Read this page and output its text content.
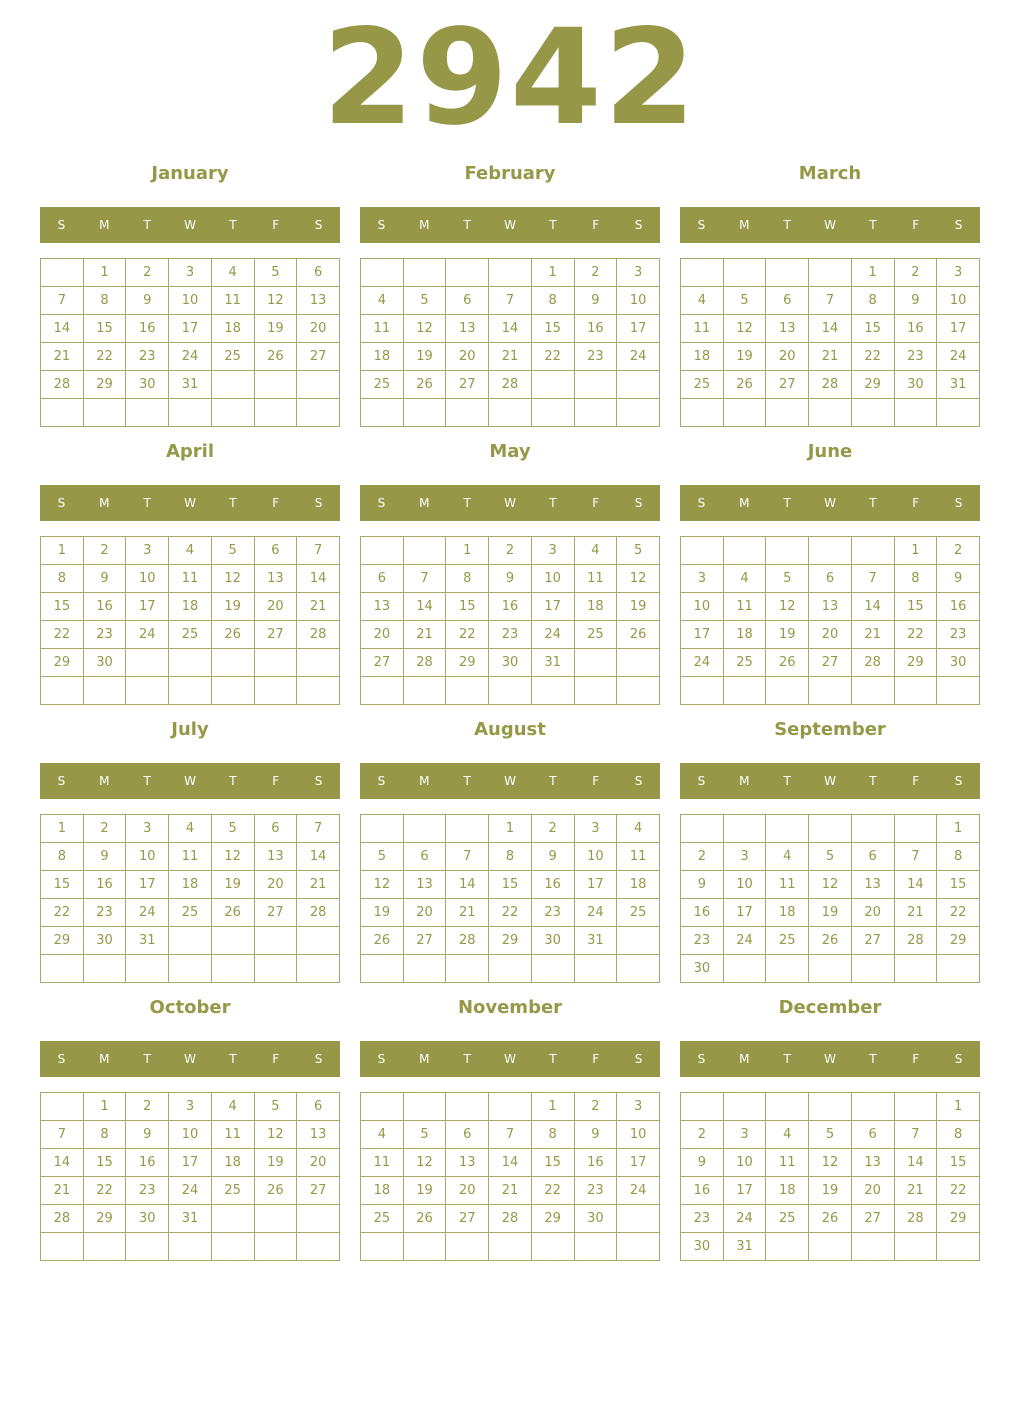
2942
January
S	M	T	W	T	F	S
	1	2	3	4	5	6
7	8	9	10	11	12	13
14	15	16	17	18	19	20
21	22	23	24	25	26	27
28	29	30	31			

February
S	M	T	W	T	F	S
				1	2	3
4	5	6	7	8	9	10
11	12	13	14	15	16	17
18	19	20	21	22	23	24
25	26	27	28			

March
S	M	T	W	T	F	S
				1	2	3
4	5	6	7	8	9	10
11	12	13	14	15	16	17
18	19	20	21	22	23	24
25	26	27	28	29	30	31

April
S	M	T	W	T	F	S
1	2	3	4	5	6	7
8	9	10	11	12	13	14
15	16	17	18	19	20	21
22	23	24	25	26	27	28
29	30					

May
S	M	T	W	T	F	S
		1	2	3	4	5
6	7	8	9	10	11	12
13	14	15	16	17	18	19
20	21	22	23	24	25	26
27	28	29	30	31		

June
S	M	T	W	T	F	S
					1	2
3	4	5	6	7	8	9
10	11	12	13	14	15	16
17	18	19	20	21	22	23
24	25	26	27	28	29	30

July
S	M	T	W	T	F	S
1	2	3	4	5	6	7
8	9	10	11	12	13	14
15	16	17	18	19	20	21
22	23	24	25	26	27	28
29	30	31				

August
S	M	T	W	T	F	S
			1	2	3	4
5	6	7	8	9	10	11
12	13	14	15	16	17	18
19	20	21	22	23	24	25
26	27	28	29	30	31	

September
S	M	T	W	T	F	S
						1
2	3	4	5	6	7	8
9	10	11	12	13	14	15
16	17	18	19	20	21	22
23	24	25	26	27	28	29
30						
October
S	M	T	W	T	F	S
	1	2	3	4	5	6
7	8	9	10	11	12	13
14	15	16	17	18	19	20
21	22	23	24	25	26	27
28	29	30	31			

November
S	M	T	W	T	F	S
				1	2	3
4	5	6	7	8	9	10
11	12	13	14	15	16	17
18	19	20	21	22	23	24
25	26	27	28	29	30	

December
S	M	T	W	T	F	S
						1
2	3	4	5	6	7	8
9	10	11	12	13	14	15
16	17	18	19	20	21	22
23	24	25	26	27	28	29
30	31					
